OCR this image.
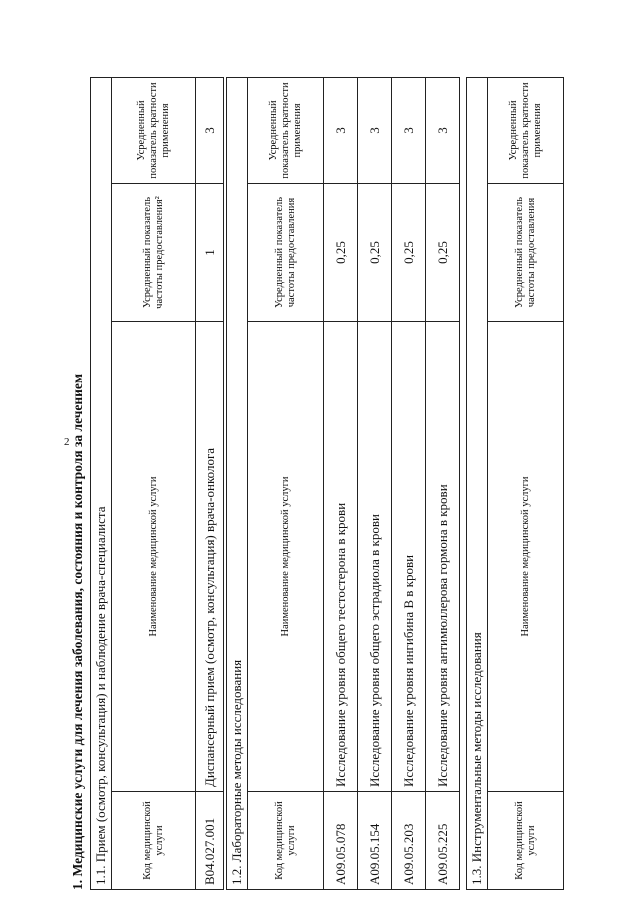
2 1. Медицинские услуги для лечения заболевания, состояния и контроля за лечением 1.1. Прием (осмотр, консультация) и наблюдение врача-специалиста			
Код медицинской услуги	Наименование медицинской услуги	Усредненный показатель частоты предоставления²	Усредненный показатель кратности применения
B04.027.001	Диспансерный прием (осмотр, консультация) врача-онколога	1	3
1.2. Лабораторные методы исследования			
Код медицинской услуги	Наименование медицинской услуги	Усредненный показатель частоты предоставления	Усредненный показатель кратности применения
A09.05.078	Исследование уровня общего тестостерона в крови	0,25	3
A09.05.154	Исследование уровня общего эстрадиола в крови	0,25	3
A09.05.203	Исследование уровня ингибина В в крови	0,25	3
A09.05.225	Исследование уровня антимюллерова гормона в крови	0,25	3
1.3. Инструментальные методы исследования
Код медицинской услуги	Наименование медицинской услуги	Усредненный показатель частоты предоставления	Усредненный показатель кратности применения
